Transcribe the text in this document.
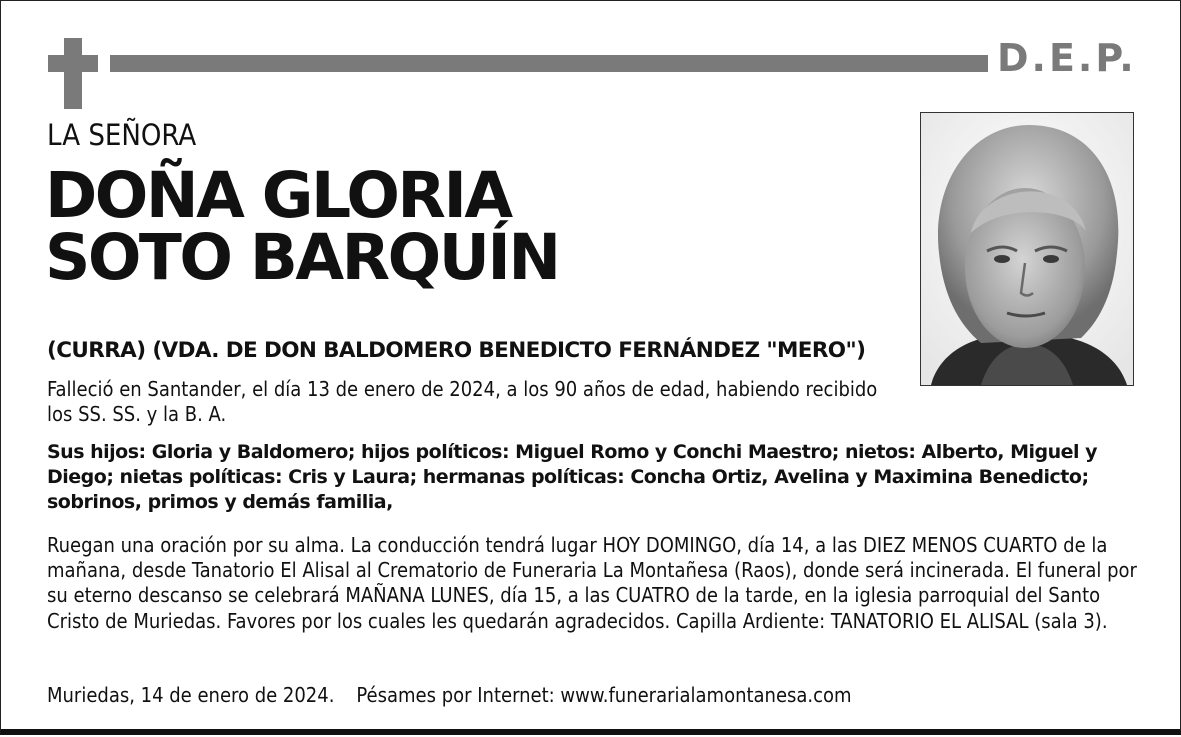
D.E.P.
LA SEÑORA
DOÑA GLORIA
SOTO BARQUÍN
(CURRA) (VDA. DE DON BALDOMERO BENEDICTO FERNÁNDEZ "MERO")

Falleció en Santander, el día 13 de enero de 2024, a los 90 años de edad, habiendo recibido los SS. SS. y la B. A.

Sus hijos: Gloria y Baldomero; hijos políticos: Miguel Romo y Conchi Maestro; nietos: Alberto, Miguel y Diego; nietas políticas: Cris y Laura; hermanas políticas: Concha Ortiz, Avelina y Maximina Benedicto; sobrinos, primos y demás familia,

Ruegan una oración por su alma. La conducción tendrá lugar HOY DOMINGO, día 14, a las DIEZ MENOS CUARTO de la mañana, desde Tanatorio El Alisal al Crematorio de Funeraria La Montañesa (Raos), donde será incinerada. El funeral por su eterno descanso se celebrará MAÑANA LUNES, día 15, a las CUATRO de la tarde, en la iglesia parroquial del Santo Cristo de Muriedas. Favores por los cuales les quedarán agradecidos. Capilla Ardiente: TANATORIO EL ALISAL (sala 3).

Muriedas, 14 de enero de 2024. Pésames por Internet: www.funerarialamontanesa.com
